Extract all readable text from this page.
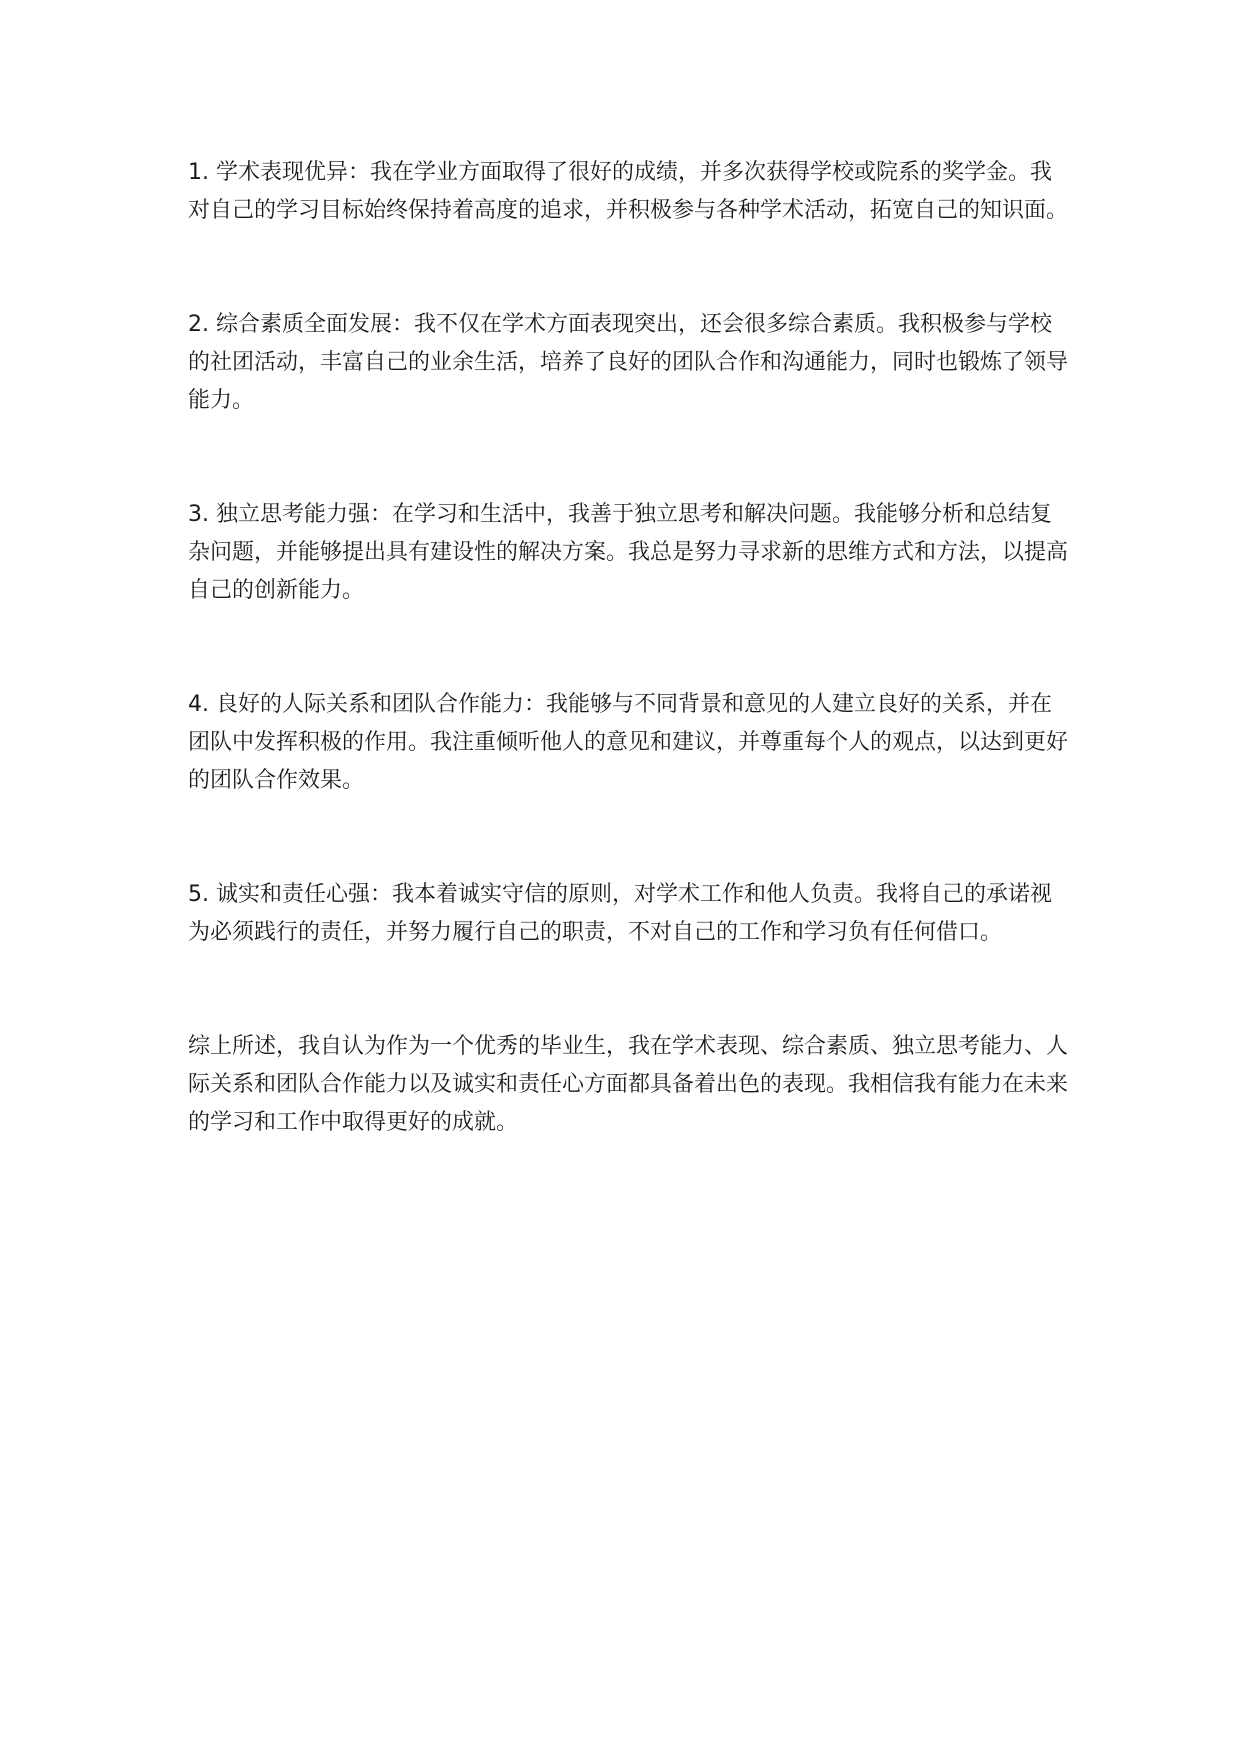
1. 学术表现优异：我在学业方面取得了很好的成绩，并多次获得学校或院系的奖学金。我对自己的学习目标始终保持着高度的追求，并积极参与各种学术活动，拓宽自己的知识面。

2. 综合素质全面发展：我不仅在学术方面表现突出，还会很多综合素质。我积极参与学校的社团活动，丰富自己的业余生活，培养了良好的团队合作和沟通能力，同时也锻炼了领导能力。

3. 独立思考能力强：在学习和生活中，我善于独立思考和解决问题。我能够分析和总结复杂问题，并能够提出具有建设性的解决方案。我总是努力寻求新的思维方式和方法，以提高自己的创新能力。

4. 良好的人际关系和团队合作能力：我能够与不同背景和意见的人建立良好的关系，并在团队中发挥积极的作用。我注重倾听他人的意见和建议，并尊重每个人的观点，以达到更好的团队合作效果。

5. 诚实和责任心强：我本着诚实守信的原则，对学术工作和他人负责。我将自己的承诺视为必须践行的责任，并努力履行自己的职责，不对自己的工作和学习负有任何借口。

综上所述，我自认为作为一个优秀的毕业生，我在学术表现、综合素质、独立思考能力、人际关系和团队合作能力以及诚实和责任心方面都具备着出色的表现。我相信我有能力在未来的学习和工作中取得更好的成就。
